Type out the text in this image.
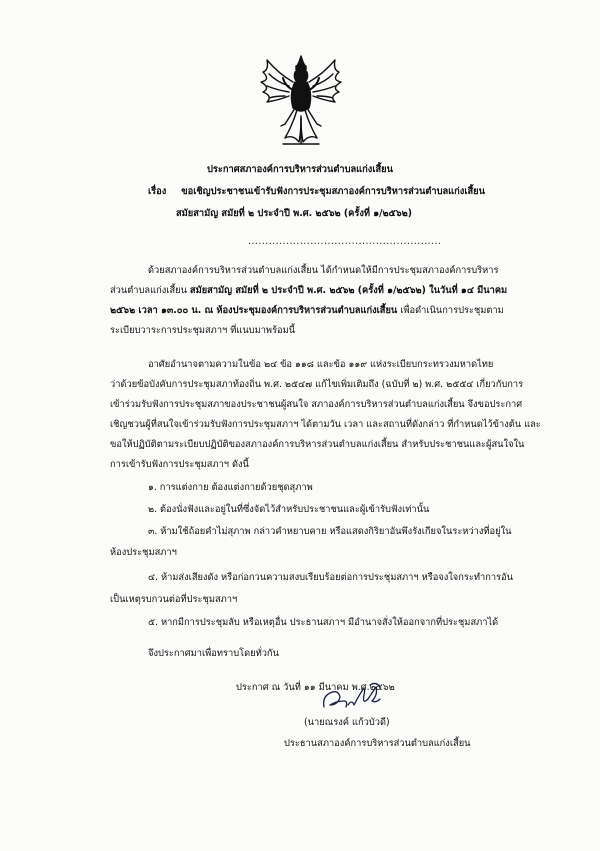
ประกาศสภาองค์การบริหารส่วนตำบลแก่งเสี้ยน
เรื่อง ขอเชิญประชาชนเข้ารับฟังการประชุมสภาองค์การบริหารส่วนตำบลแก่งเสี้ยน
สมัยสามัญ สมัยที่ ๒ ประจำปี พ.ศ. ๒๕๖๒ (ครั้งที่ ๑/๒๕๖๒)
........................................................
ด้วยสภาองค์การบริหารส่วนตำบลแก่งเสี้ยน ได้กำหนดให้มีการประชุมสภาองค์การบริหาร
ส่วนตำบลแก่งเสี้ยน สมัยสามัญ สมัยที่ ๒ ประจำปี พ.ศ. ๒๕๖๒ (ครั้งที่ ๑/๒๕๖๒) ในวันที่ ๑๔ มีนาคม
๒๕๖๒ เวลา ๑๓.๐๐ น. ณ ห้องประชุมองค์การบริหารส่วนตำบลแก่งเสี้ยน เพื่อดำเนินการประชุมตาม
ระเบียบวาระการประชุมสภาฯ ที่แนบมาพร้อมนี้
อาศัยอำนาจตามความในข้อ ๒๔ ข้อ ๑๑๘ และข้อ ๑๑๙ แห่งระเบียบกระทรวงมหาดไทย
ว่าด้วยข้อบังคับการประชุมสภาท้องถิ่น พ.ศ. ๒๕๔๗ แก้ไขเพิ่มเติมถึง (ฉบับที่ ๒) พ.ศ. ๒๕๕๔ เกี่ยวกับการ
เข้าร่วมรับฟังการประชุมสภาของประชาชนผู้สนใจ สภาองค์การบริหารส่วนตำบลแก่งเสี้ยน จึงขอประกาศ
เชิญชวนผู้ที่สนใจเข้าร่วมรับฟังการประชุมสภาฯ ได้ตามวัน เวลา และสถานที่ดังกล่าว ที่กำหนดไว้ข้างต้น และ
ขอให้ปฏิบัติตามระเบียบปฏิบัติของสภาองค์การบริหารส่วนตำบลแก่งเสี้ยน สำหรับประชาชนและผู้สนใจใน
การเข้ารับฟังการประชุมสภาฯ ดังนี้
๑. การแต่งกาย ต้องแต่งกายด้วยชุดสุภาพ
๒. ต้องนั่งฟังและอยู่ในที่ซึ่งจัดไว้สำหรับประชาชนและผู้เข้ารับฟังเท่านั้น
๓. ห้ามใช้ถ้อยคำไม่สุภาพ กล่าวคำหยาบคาย หรือแสดงกิริยาอันพึงรังเกียจในระหว่างที่อยู่ใน
ห้องประชุมสภาฯ
๔. ห้ามส่งเสียงดัง หรือก่อกวนความสงบเรียบร้อยต่อการประชุมสภาฯ หรือจงใจกระทำการอัน
เป็นเหตุรบกวนต่อที่ประชุมสภาฯ
๕. หากมีการประชุมลับ หรือเหตุอื่น ประธานสภาฯ มีอำนาจสั่งให้ออกจากที่ประชุมสภาได้
จึงประกาศมาเพื่อทราบโดยทั่วกัน
ประกาศ ณ วันที่ ๑๑ มีนาคม พ.ศ.๒๕๖๒
(นายณรงค์ แก้วบัวดี)
ประธานสภาองค์การบริหารส่วนตำบลแก่งเสี้ยน
